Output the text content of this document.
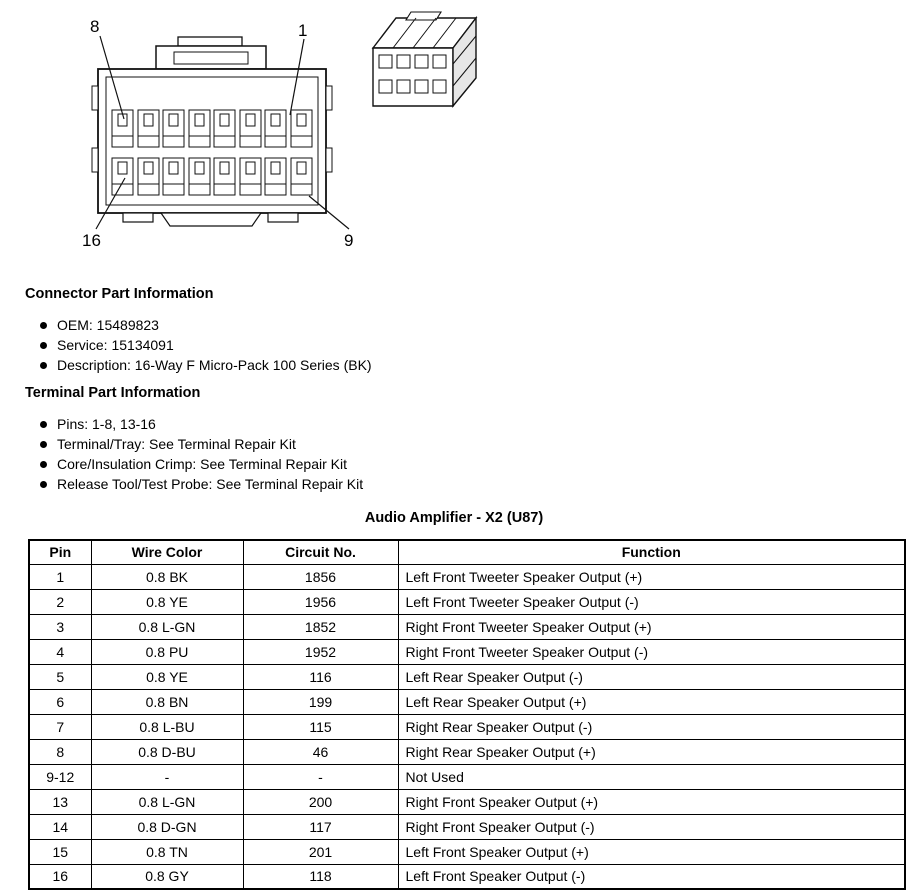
8	1
16	9
Connector Part Information
OEM: 15489823
Service: 15134091
Description: 16-Way F Micro-Pack 100 Series (BK)
Terminal Part Information
Pins: 1-8, 13-16
Terminal/Tray: See Terminal Repair Kit
Core/Insulation Crimp: See Terminal Repair Kit
Release Tool/Test Probe: See Terminal Repair Kit
Audio Amplifier - X2 (U87)
Pin	Wire Color	Circuit No.	Function
1	0.8 BK	1856	Left Front Tweeter Speaker Output (+)
2	0.8 YE	1956	Left Front Tweeter Speaker Output (-)
3	0.8 L-GN	1852	Right Front Tweeter Speaker Output (+)
4	0.8 PU	1952	Right Front Tweeter Speaker Output (-)
5	0.8 YE	116	Left Rear Speaker Output (-)
6	0.8 BN	199	Left Rear Speaker Output (+)
7	0.8 L-BU	115	Right Rear Speaker Output (-)
8	0.8 D-BU	46	Right Rear Speaker Output (+)
9-12	-	-	Not Used
13	0.8 L-GN	200	Right Front Speaker Output (+)
14	0.8 D-GN	117	Right Front Speaker Output (-)
15	0.8 TN	201	Left Front Speaker Output (+)
16	0.8 GY	118	Left Front Speaker Output (-)
